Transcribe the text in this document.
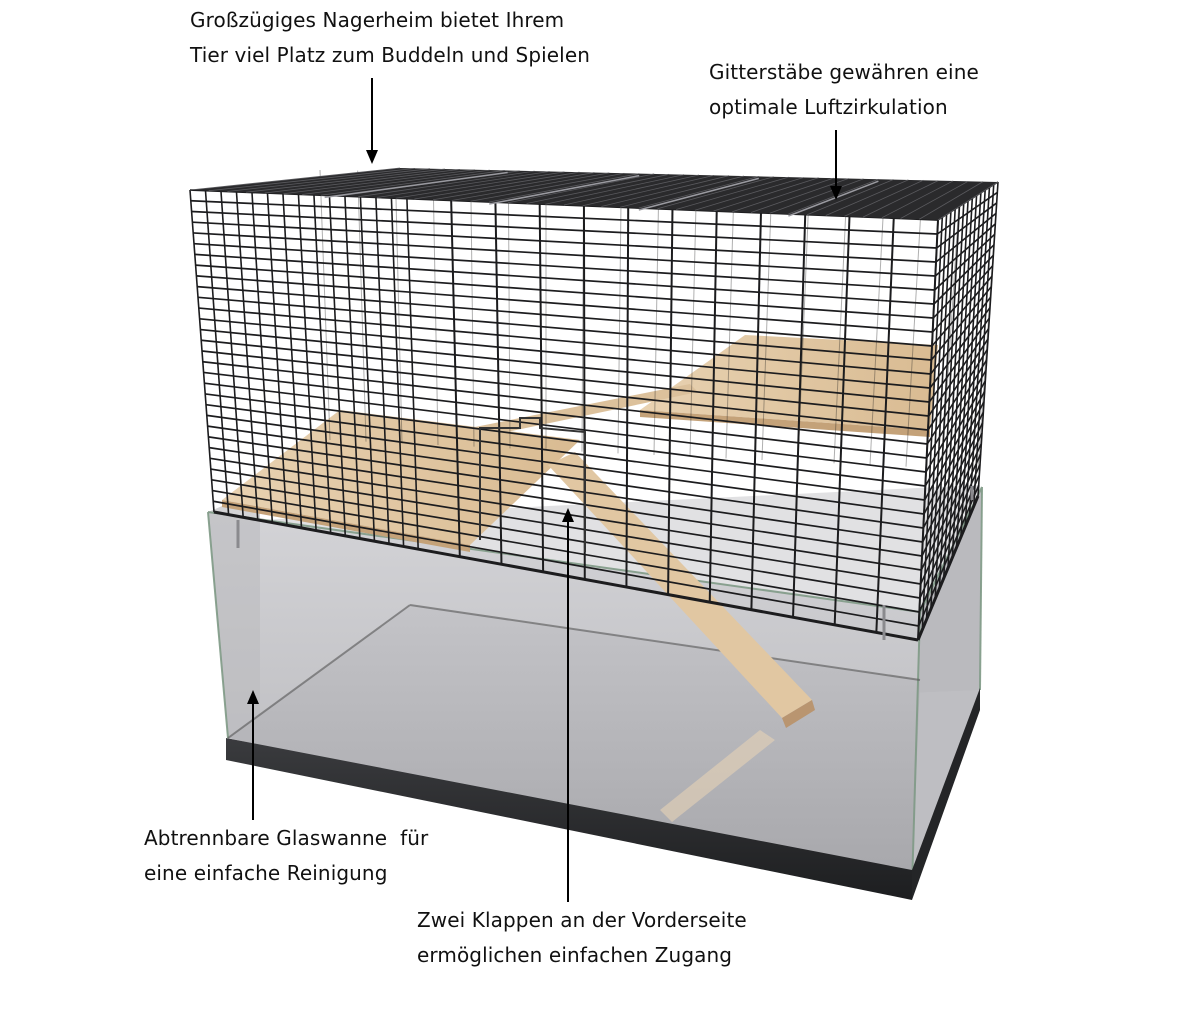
Großzügiges Nagerheim bietet Ihrem
Tier viel Platz zum Buddeln und Spielen
Gitterstäbe gewähren eine
optimale Luftzirkulation
Abtrennbare Glaswanne  für
eine einfache Reinigung
Zwei Klappen an der Vorderseite
ermöglichen einfachen Zugang
